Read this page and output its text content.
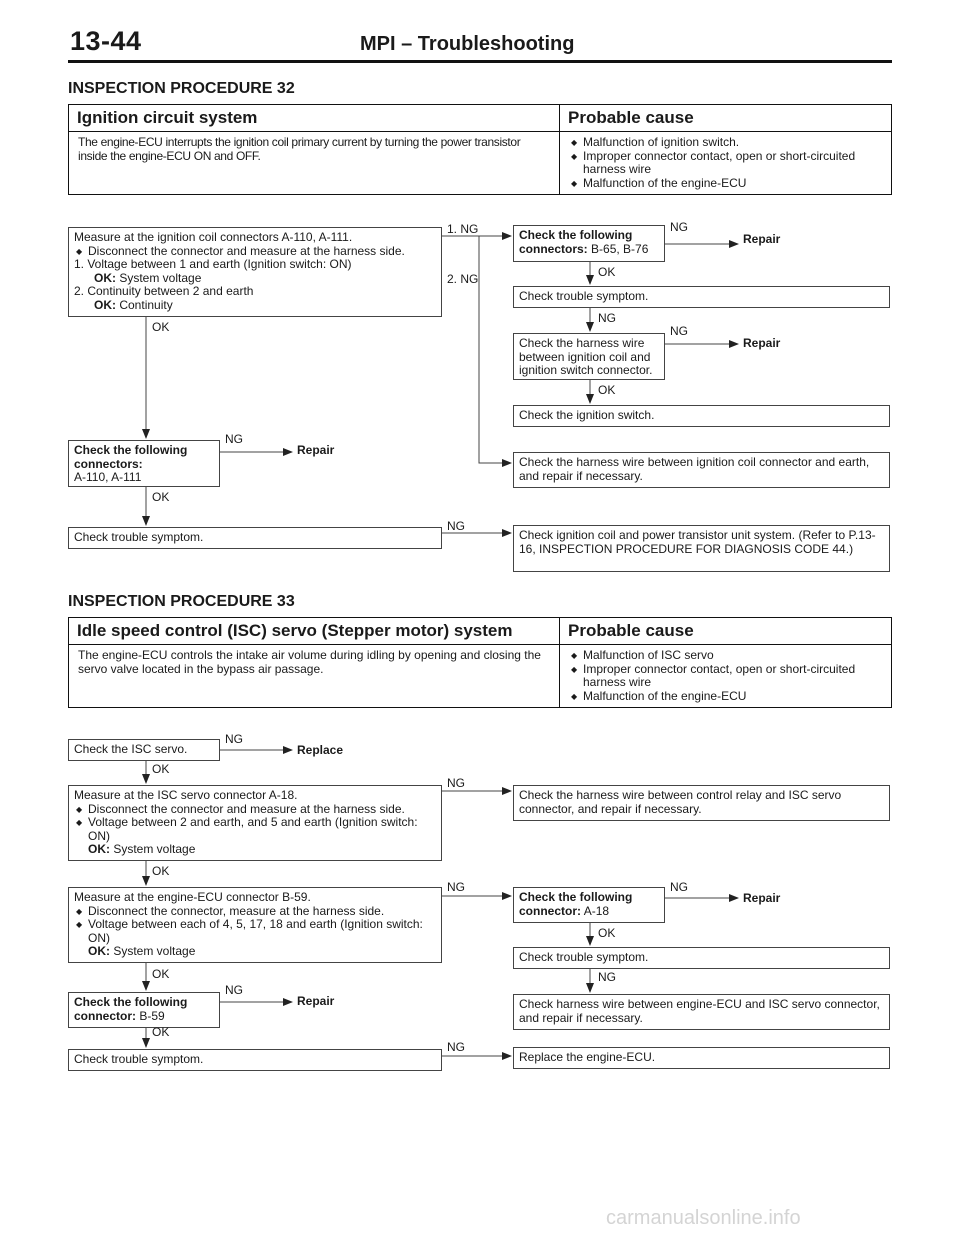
13-44	MPI – Troubleshooting
INSPECTION PROCEDURE 32
Ignition circuit system	Probable cause
The engine-ECU interrupts the ignition coil primary current by turning the power transistor inside the engine-ECU ON and OFF.
◆ Malfunction of ignition switch.
◆ Improper connector contact, open or short-circuited harness wire
◆ Malfunction of the engine-ECU
Measure at the ignition coil connectors A-110, A-111.
◆ Disconnect the connector and measure at the harness side.
1. Voltage between 1 and earth (Ignition switch: ON)
OK: System voltage
2. Continuity between 2 and earth
OK: Continuity
Check the following connectors: B-65, B-76
Check trouble symptom.
Check the harness wire between ignition coil and ignition switch connector.
Check the ignition switch.
Check the following connectors:
A-110, A-111
Check the harness wire between ignition coil connector and earth, and repair if necessary.
Check trouble symptom.	Check ignition coil and power transistor unit system. (Refer to P.13-16, INSPECTION PROCEDURE FOR DIAGNOSIS CODE 44.)
1. NG
2. NG
NG
Repair
OK
NG
NG
Repair
OK
OK
NG
Repair
OK
NG
INSPECTION PROCEDURE 33
Idle speed control (ISC) servo (Stepper motor) system	Probable cause
The engine-ECU controls the intake air volume during idling by opening and closing the servo valve located in the bypass air passage.
◆ Malfunction of ISC servo
◆ Improper connector contact, open or short-circuited harness wire
◆ Malfunction of the engine-ECU
Check the ISC servo.
Measure at the ISC servo connector A-18.
◆ Disconnect the connector and measure at the harness side.
◆ Voltage between 2 and earth, and 5 and earth (Ignition switch: ON)
OK: System voltage
Check the harness wire between control relay and ISC servo connector, and repair if necessary.
Measure at the engine-ECU connector B-59.
◆ Disconnect the connector, measure at the harness side.
◆ Voltage between each of 4, 5, 17, 18 and earth (Ignition switch: ON)
OK: System voltage
Check the following connector: A-18
Check trouble symptom.
Check the following connector: B-59
Check harness wire between engine-ECU and ISC servo connector, and repair if necessary.
Check trouble symptom.	Replace the engine-ECU.
NG
Replace
OK
NG
OK
NG	NG
Repair
OK
NG
OK
NG
Repair
OK
NG
carmanualsonline.info
